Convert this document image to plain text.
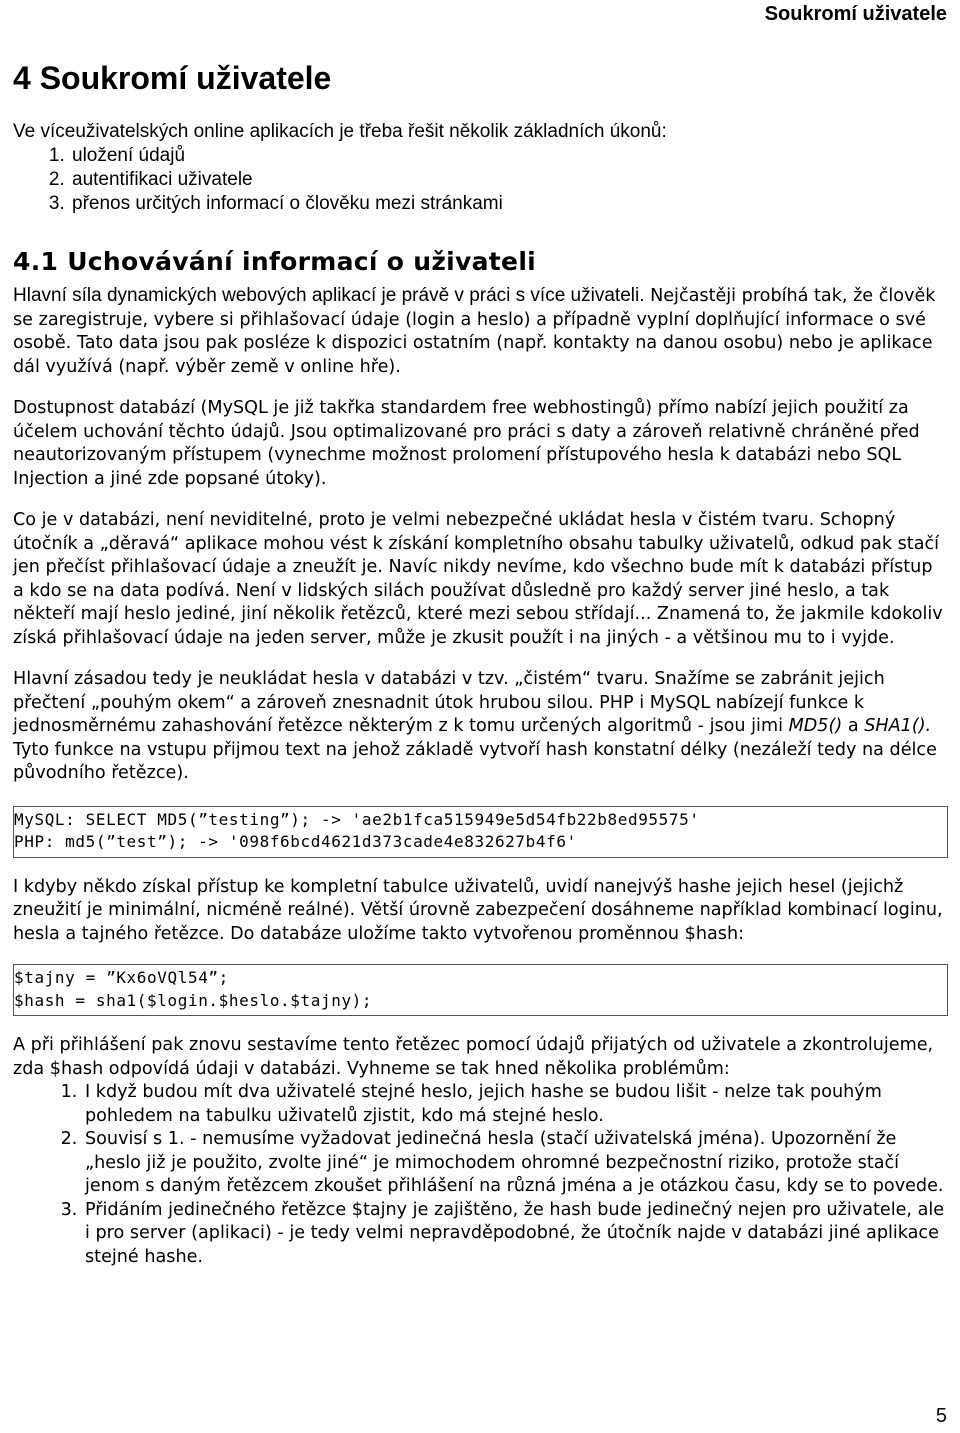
Soukromí uživatele
4 Soukromí uživatele
Ve víceuživatelských online aplikacích je třeba řešit několik základních úkonů:
1. uložení údajů
2. autentifikaci uživatele
3. přenos určitých informací o člověku mezi stránkami
4.1 Uchovávání informací o uživateli

Hlavní síla dynamických webových aplikací je právě v práci s více uživateli. Nejčastěji probíhá tak, že člověk se zaregistruje, vybere si přihlašovací údaje (login a heslo) a případně vyplní doplňující informace o své osobě. Tato data jsou pak posléze k dispozici ostatním (např. kontakty na danou osobu) nebo je aplikace dál využívá (např. výběr země v online hře).

Dostupnost databází (MySQL je již takřka standardem free webhostingů) přímo nabízí jejich použití za účelem uchování těchto údajů. Jsou optimalizované pro práci s daty a zároveň relativně chráněné před neautorizovaným přístupem (vynechme možnost prolomení přístupového hesla k databázi nebo SQL Injection a jiné zde popsané útoky).

Co je v databázi, není neviditelné, proto je velmi nebezpečné ukládat hesla v čistém tvaru. Schopný útočník a „děravá“ aplikace mohou vést k získání kompletního obsahu tabulky uživatelů, odkud pak stačí jen přečíst přihlašovací údaje a zneužít je. Navíc nikdy nevíme, kdo všechno bude mít k databázi přístup a kdo se na data podívá. Není v lidských silách používat důsledně pro každý server jiné heslo, a tak někteří mají heslo jediné, jiní několik řetězců, které mezi sebou střídají... Znamená to, že jakmile kdokoliv získá přihlašovací údaje na jeden server, může je zkusit použít i na jiných - a většinou mu to i vyjde.

Hlavní zásadou tedy je neukládat hesla v databázi v tzv. „čistém“ tvaru. Snažíme se zabránit jejich přečtení „pouhým okem“ a zároveň znesnadnit útok hrubou silou. PHP i MySQL nabízejí funkce k jednosměrnému zahashování řetězce některým z k tomu určených algoritmů - jsou jimi MD5() a SHA1(). Tyto funkce na vstupu přijmou text na jehož základě vytvoří hash konstatní délky (nezáleží tedy na délce původního řetězce).

MySQL: SELECT MD5(”testing”); -> 'ae2b1fca515949e5d54fb22b8ed95575'
PHP: md5(”test”); -> '098f6bcd4621d373cade4e832627b4f6'

I kdyby někdo získal přístup ke kompletní tabulce uživatelů, uvidí nanejvýš hashe jejich hesel (jejichž zneužití je minimální, nicméně reálné). Větší úrovně zabezpečení dosáhneme například kombinací loginu, hesla a tajného řetězce. Do databáze uložíme takto vytvořenou proměnnou $hash:

$tajny = ”Kx6oVQl54”;
$hash = sha1($login.$heslo.$tajny);

A při přihlášení pak znovu sestavíme tento řetězec pomocí údajů přijatých od uživatele a zkontrolujeme, zda $hash odpovídá údaji v databázi. Vyhneme se tak hned několika problémům:

1. I když budou mít dva uživatelé stejné heslo, jejich hashe se budou lišit - nelze tak pouhým pohledem na tabulku uživatelů zjistit, kdo má stejné heslo.
2. Souvisí s 1. - nemusíme vyžadovat jedinečná hesla (stačí uživatelská jména). Upozornění že „heslo již je použito, zvolte jiné“ je mimochodem ohromné bezpečnostní riziko, protože stačí jenom s daným řetězcem zkoušet přihlášení na různá jména a je otázkou času, kdy se to povede.
3. Přidáním jedinečného řetězce $tajny je zajištěno, že hash bude jedinečný nejen pro uživatele, ale i pro server (aplikaci) - je tedy velmi nepravděpodobné, že útočník najde v databázi jiné aplikace stejné hashe.
5
